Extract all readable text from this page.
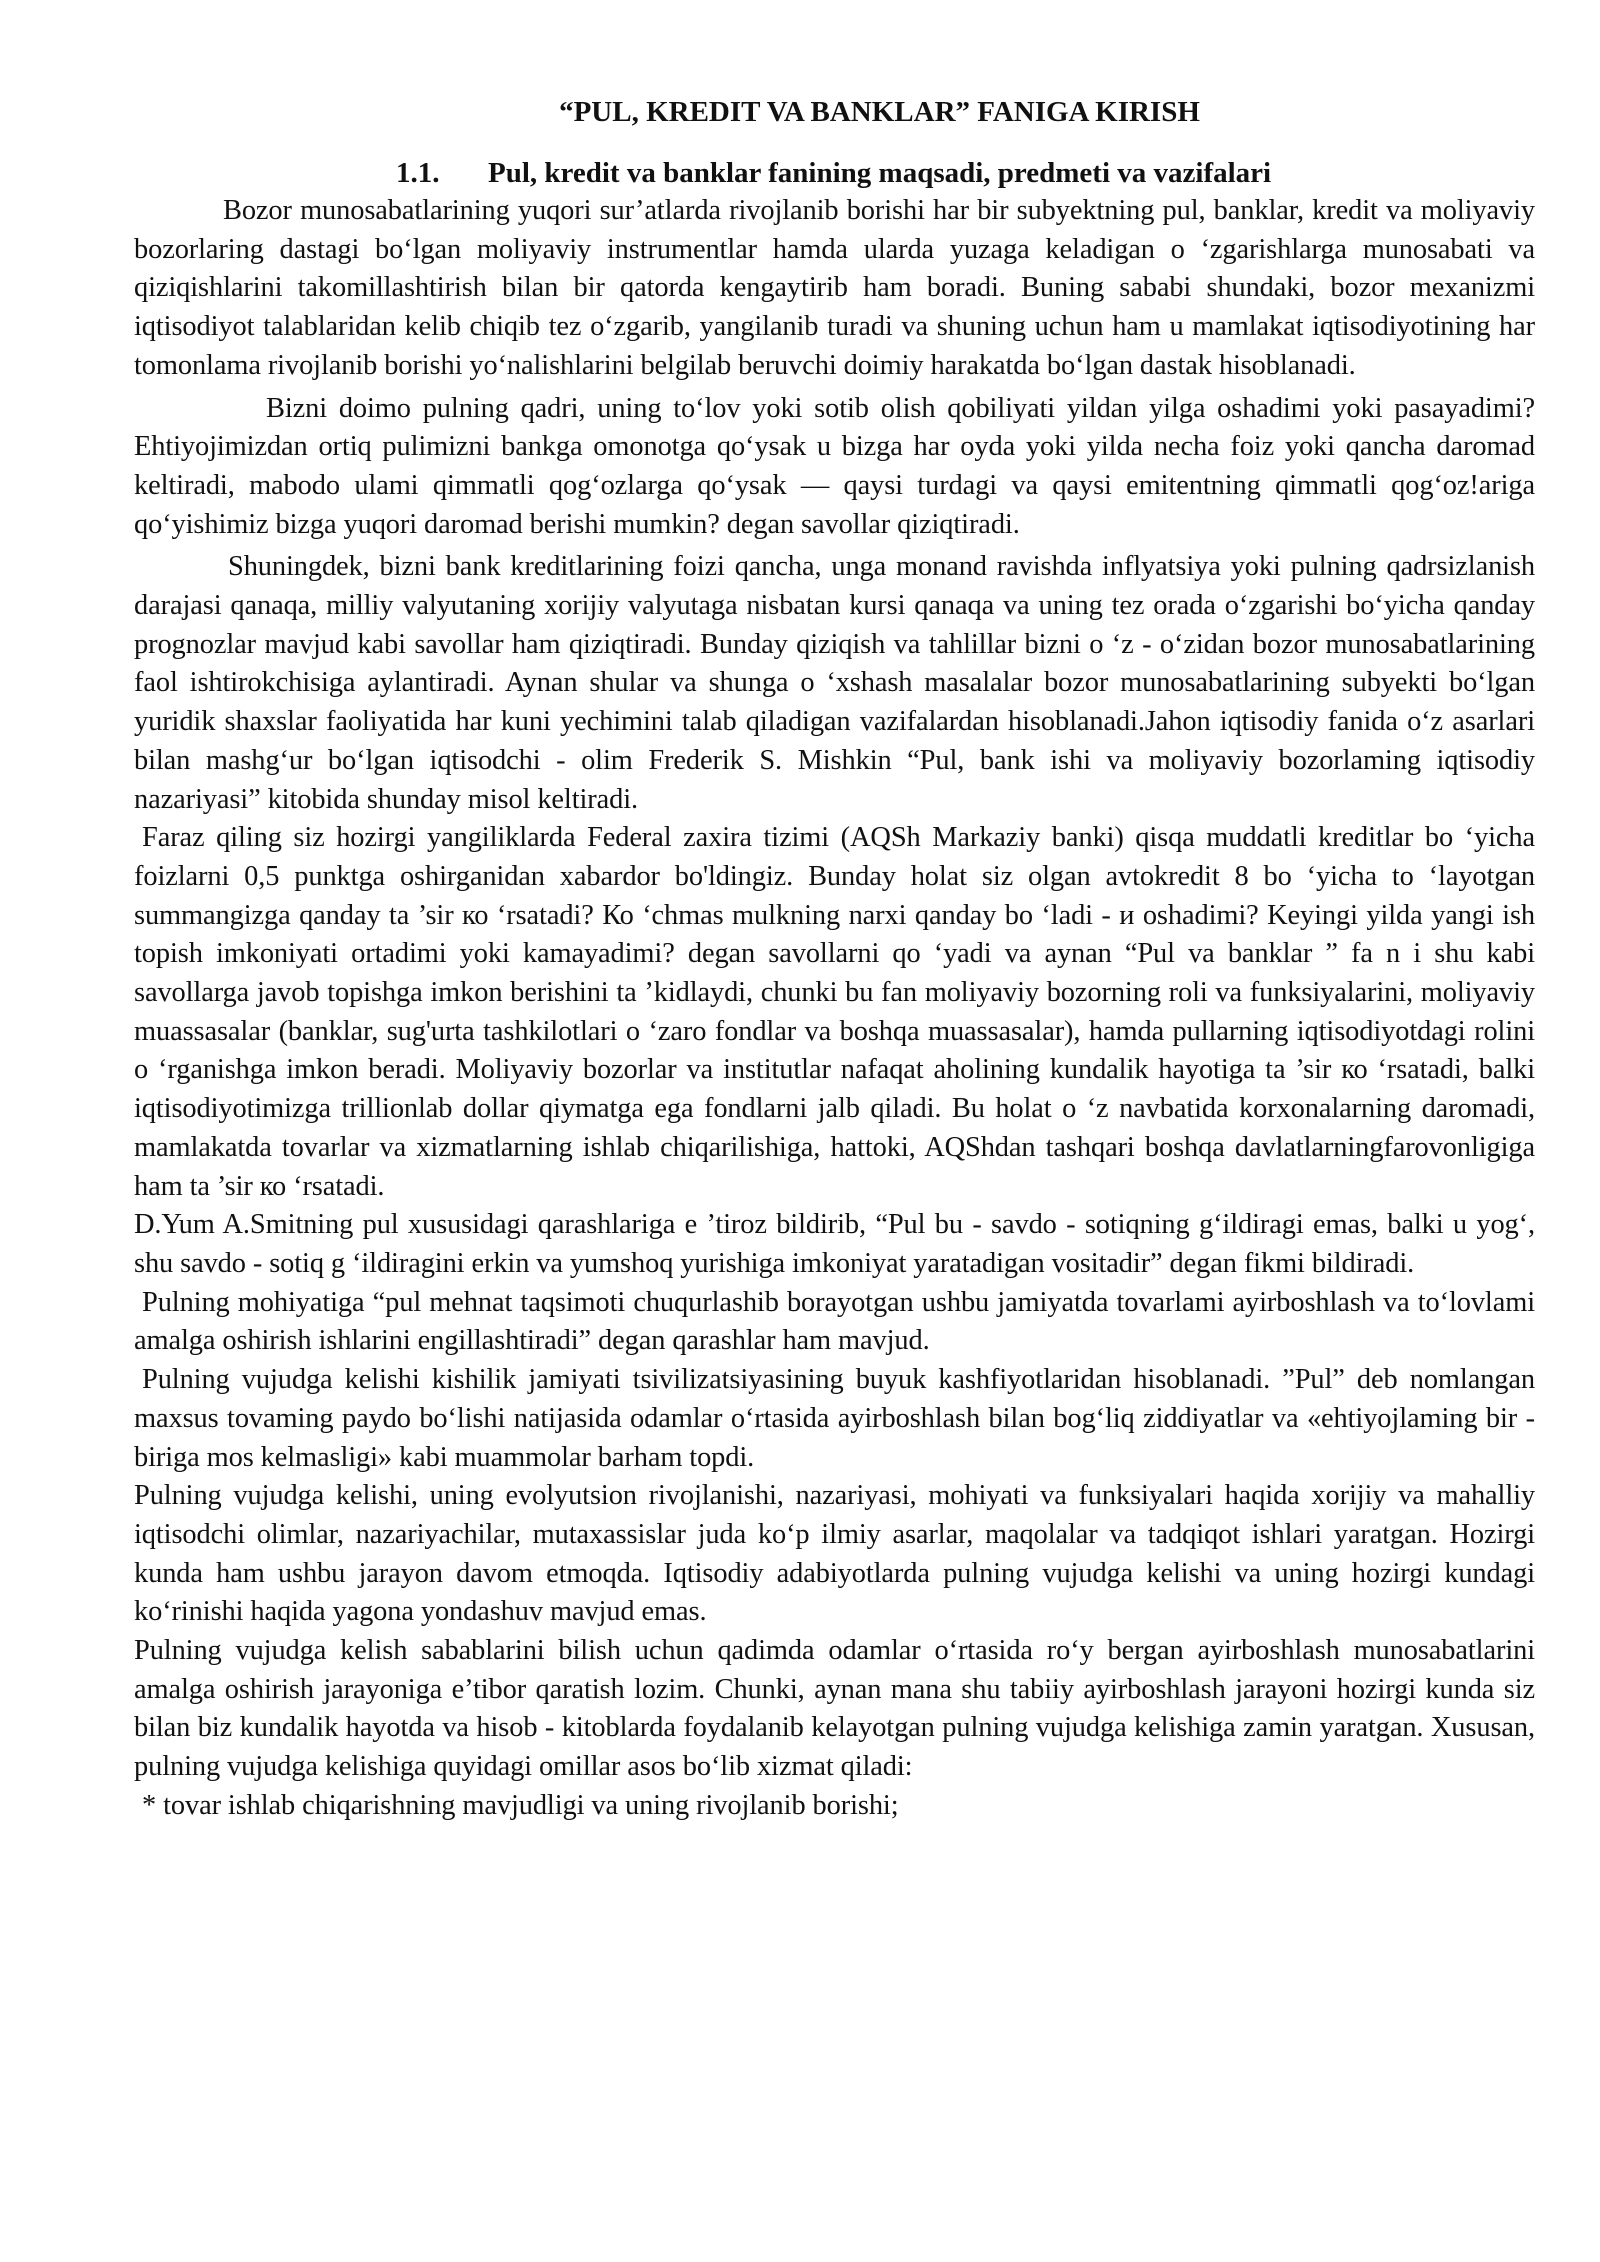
“PUL, KREDIT VA BANKLAR” FANIGA KIRISH
1.1. Pul, kredit va banklar fanining maqsadi, predmeti va vazifalari

Bozor munosabatlarining yuqori sur’atlarda rivojlanib borishi har bir subyektning pul, banklar, kredit va moliyaviy bozorlaring dastagi bo‘lgan moliyaviy instrumentlar hamda ularda yuzaga keladigan o ‘zgarishlarga munosabati va qiziqishlarini takomillashtirish bilan bir qatorda kengaytirib ham boradi. Buning sababi shundaki, bozor mexanizmi iqtisodiyot talablaridan kelib chiqib tez o‘zgarib, yangilanib turadi va shuning uchun ham u mamlakat iqtisodiyotining har tomonlama rivojlanib borishi yo‘nalishlarini belgilab beruvchi doimiy harakatda bo‘lgan dastak hisoblanadi.

Bizni doimo pulning qadri, uning to‘lov yoki sotib olish qobiliyati yildan yilga oshadimi yoki pasayadimi? Ehtiyojimizdan ortiq pulimizni bankga omonotga qo‘ysak u bizga har oyda yoki yilda necha foiz yoki qancha daromad keltiradi, mabodo ulami qimmatli qog‘ozlarga qo‘ysak — qaysi turdagi va qaysi emitentning qimmatli qog‘oz!ariga qo‘yishimiz bizga yuqori daromad berishi mumkin? degan savollar qiziqtiradi.

Shuningdek, bizni bank kreditlarining foizi qancha, unga monand ravishda inflyatsiya yoki pulning qadrsizlanish darajasi qanaqa, milliy valyutaning xorijiy valyutaga nisbatan kursi qanaqa va uning tez orada o‘zgarishi bo‘yicha qanday prognozlar mavjud kabi savollar ham qiziqtiradi. Bunday qiziqish va tahlillar bizni o ‘z - o‘zidan bozor munosabatlarining faol ishtirokchisiga aylantiradi. Aynan shular va shunga o ‘xshash masalalar bozor munosabatlarining subyekti bo‘lgan yuridik shaxslar faoliyatida har kuni yechimini talab qiladigan vazifalardan hisoblanadi.Jahon iqtisodiy fanida o‘z asarlari bilan mashg‘ur bo‘lgan iqtisodchi - olim Frederik S. Mishkin “Pul, bank ishi va moliyaviy bozorlaming iqtisodiy nazariyasi” kitobida shunday misol keltiradi.

Faraz qiling siz hozirgi yangiliklarda Federal zaxira tizimi (AQSh Markaziy banki) qisqa muddatli kreditlar bo ‘yicha foizlarni 0,5 punktga oshirganidan xabardor bo'ldingiz. Bunday holat siz olgan avtokredit 8 bo ‘yicha to ‘layotgan summangizga qanday ta ’sir ко ‘rsatadi? Ко ‘chmas mulkning narxi qanday bo ‘ladi - и oshadimi? Keyingi yilda yangi ish topish imkoniyati ortadimi yoki kamayadimi? degan savollarni qo ‘yadi va aynan “Pul va banklar ” fa n i shu kabi savollarga javob topishga imkon berishini ta ’kidlaydi, chunki bu fan moliyaviy bozorning roli va funksiyalarini, moliyaviy muassasalar (banklar, sug'urta tashkilotlari o ‘zaro fondlar va boshqa muassasalar), hamda pullarning iqtisodiyotdagi rolini o ‘rganishga imkon beradi. Moliyaviy bozorlar va institutlar nafaqat aholining kundalik hayotiga ta ’sir ко ‘rsatadi, balki iqtisodiyotimizga trillionlab dollar qiymatga ega fondlarni jalb qiladi. Bu holat o ‘z navbatida korxonalarning daromadi, mamlakatda tovarlar va xizmatlarning ishlab chiqarilishiga, hattoki, AQShdan tashqari boshqa davlatlarningfarovonligiga ham ta ’sir ко ‘rsatadi.

D.Yum A.Smitning pul xususidagi qarashlariga e ’tiroz bildirib, “Pul bu - savdo - sotiqning g‘ildiragi emas, balki u yog‘, shu savdo - sotiq g ‘ildiragini erkin va yumshoq yurishiga imkoniyat yaratadigan vositadir” degan fikmi bildiradi.

Pulning mohiyatiga “pul mehnat taqsimoti chuqurlashib borayotgan ushbu jamiyatda tovarlami ayirboshlash va to‘lovlami amalga oshirish ishlarini engillashtiradi” degan qarashlar ham mavjud.

Pulning vujudga kelishi kishilik jamiyati tsivilizatsiyasining buyuk kashfiyotlaridan hisoblanadi. ”Pul” deb nomlangan maxsus tovaming paydo bo‘lishi natijasida odamlar o‘rtasida ayirboshlash bilan bog‘liq ziddiyatlar va «ehtiyojlaming bir - biriga mos kelmasligi» kabi muammolar barham topdi.

Pulning vujudga kelishi, uning evolyutsion rivojlanishi, nazariyasi, mohiyati va funksiyalari haqida xorijiy va mahalliy iqtisodchi olimlar, nazariyachilar, mutaxassislar juda ko‘p ilmiy asarlar, maqolalar va tadqiqot ishlari yaratgan. Hozirgi kunda ham ushbu jarayon davom etmoqda. Iqtisodiy adabiyotlarda pulning vujudga kelishi va uning hozirgi kundagi ko‘rinishi haqida yagona yondashuv mavjud emas.

Pulning vujudga kelish sabablarini bilish uchun qadimda odamlar o‘rtasida ro‘y bergan ayirboshlash munosabatlarini amalga oshirish jarayoniga e’tibor qaratish lozim. Chunki, aynan mana shu tabiiy ayirboshlash jarayoni hozirgi kunda siz bilan biz kundalik hayotda va hisob - kitoblarda foydalanib kelayotgan pulning vujudga kelishiga zamin yaratgan. Xususan, pulning vujudga kelishiga quyidagi omillar asos bo‘lib xizmat qiladi:

* tovar ishlab chiqarishning mavjudligi va uning rivojlanib borishi;
